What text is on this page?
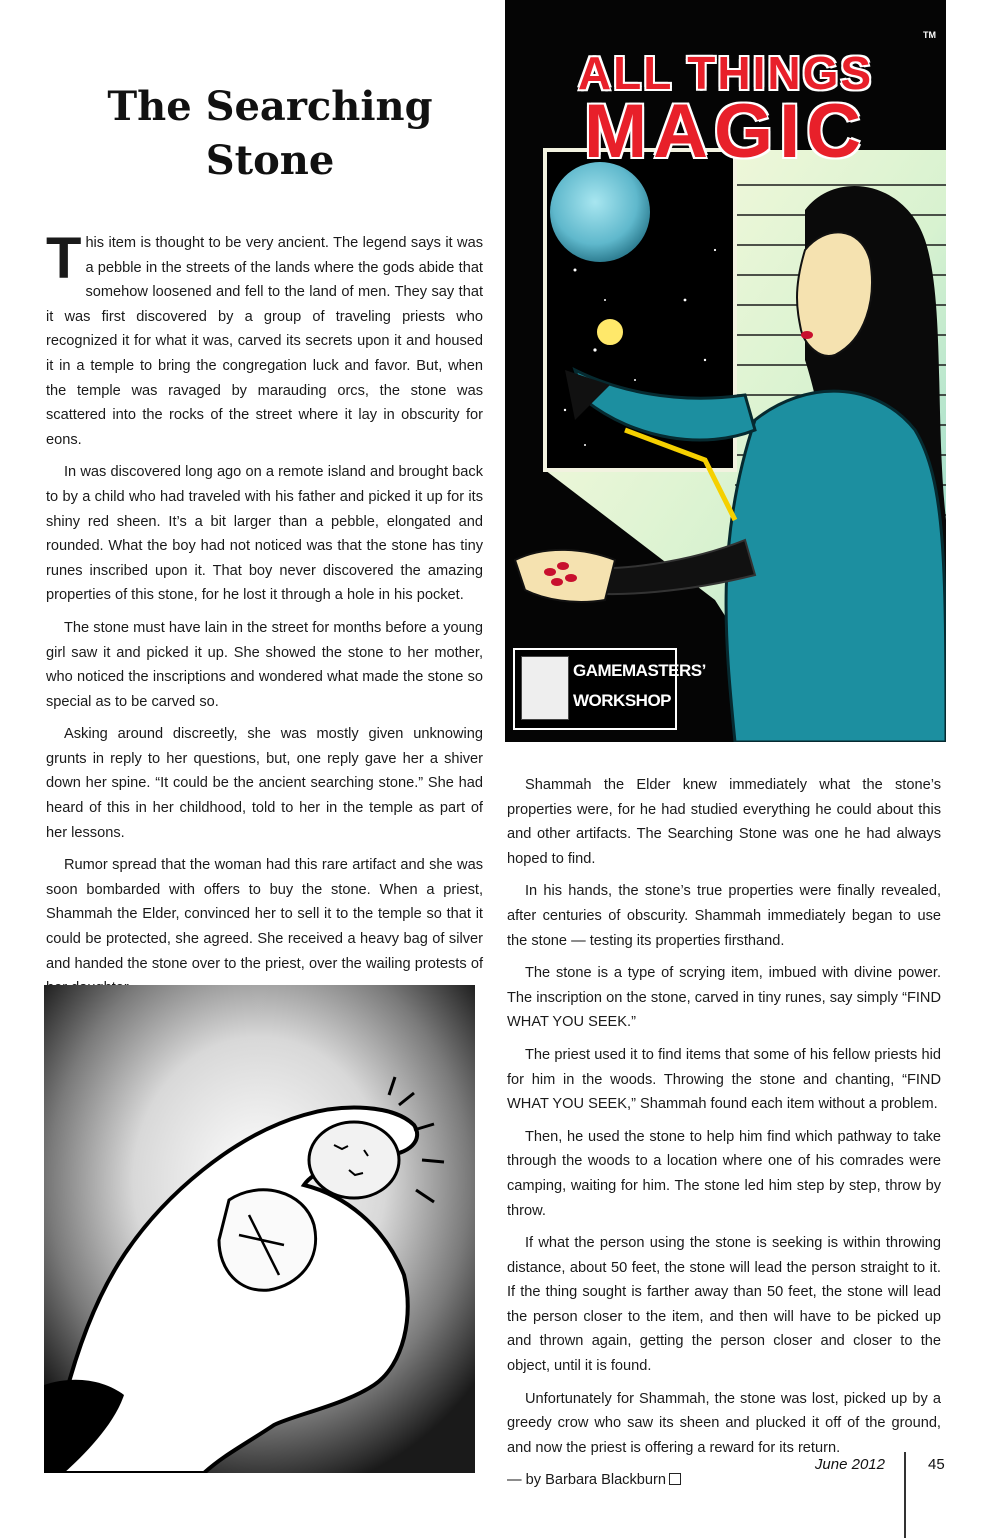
The Searching
Stone

T his item is thought to be very ancient. The legend says it was a pebble in the streets of the lands where the gods abide that somehow loosened and fell to the land of men. They say that it was first discovered by a group of traveling priests who recognized it for what it was, carved its secrets upon it and housed it in a temple to bring the congregation luck and favor. But, when the temple was ravaged by marauding orcs, the stone was scattered into the rocks of the street where it lay in obscurity for eons.

In was discovered long ago on a remote island and brought back to by a child who had traveled with his father and picked it up for its shiny red sheen. It’s a bit larger than a pebble, elongated and rounded. What the boy had not noticed was that the stone has tiny runes inscribed upon it. That boy never discovered the amazing properties of this stone, for he lost it through a hole in his pocket.

The stone must have lain in the street for months before a young girl saw it and picked it up. She showed the stone to her mother, who noticed the inscriptions and wondered what made the stone so special as to be carved so.

Asking around discreetly, she was mostly given unknowing grunts in reply to her questions, but, one reply gave her a shiver down her spine. “It could be the ancient searching stone.” She had heard of this in her childhood, told to her in the temple as part of her lessons.

Rumor spread that the woman had this rare artifact and she was soon bombarded with offers to buy the stone. When a priest, Shammah the Elder, convinced her to sell it to the temple so that it could be protected, she agreed. She received a heavy bag of silver and handed the stone over to the priest, over the wailing protests of

TM
ALL THINGS
MAGIC
GAMEMASTERS’
WORKSHOP

Shammah the Elder knew immediately what the stone’s properties were, for he had studied everything he could about this and other artifacts. The Searching Stone was one he had always hoped to find.

In his hands, the stone’s true properties were finally revealed, after centuries of obscurity. Shammah immediately began to use the stone — testing its properties firsthand.

The stone is a type of scrying item, imbued with divine power. The inscription on the stone, carved in tiny runes, say simply “FIND WHAT YOU SEEK.”

The priest used it to find items that some of his fellow priests hid for him in the woods. Throwing the stone and chanting, “FIND WHAT YOU SEEK,” Shammah found each item without a problem.

Then, he used the stone to help him find which pathway to take through the woods to a location where one of his comrades were camping, waiting for him. The stone led him step by step, throw by throw.

If what the person using the stone is seeking is within throwing distance, about 50 feet, the stone will lead the person straight to it. If the thing sought is farther away than 50 feet, the stone will lead the person closer to the item, and then will have to be picked up and thrown again, getting the person closer and closer to the object, until it is found.

Unfortunately for Shammah, the stone was lost, picked up by a greedy crow who saw its sheen and plucked it off of the ground, and now the priest is offering a reward for its return.

— by Barbara Blackburn

June 2012	45
